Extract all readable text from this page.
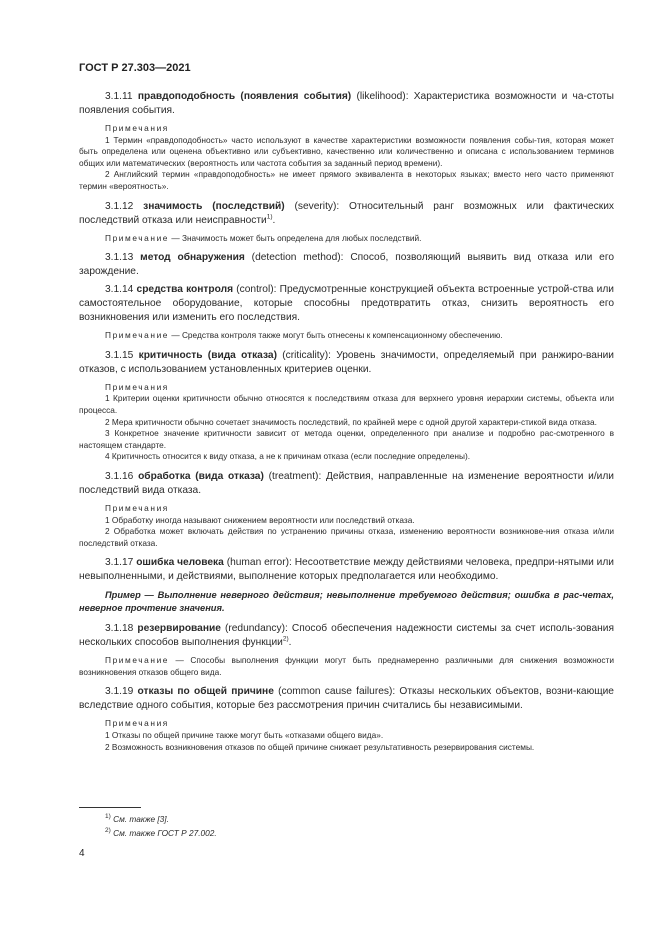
ГОСТ Р 27.303—2021

3.1.11 правдоподобность (появления события) (likelihood): Характеристика возможности и ча-стоты появления события.

Примечания

1 Термин «правдоподобность» часто используют в качестве характеристики возможности появления собы-тия, которая может быть определена или оценена объективно или субъективно, качественно или количественно и описана с использованием терминов общих или математических (вероятность или частота события за заданный период времени).

2 Английский термин «правдоподобность» не имеет прямого эквивалента в некоторых языках; вместо него часто применяют термин «вероятность».

3.1.12 значимость (последствий) (severity): Относительный ранг возможных или фактических последствий отказа или неисправности$^{1)}$.

Примечание — Значимость может быть определена для любых последствий.

3.1.13 метод обнаружения (detection method): Способ, позволяющий выявить вид отказа или его зарождение.

3.1.14 средства контроля (control): Предусмотренные конструкцией объекта встроенные устрой-ства или самостоятельное оборудование, которые способны предотвратить отказ, снизить вероятность его возникновения или изменить его последствия.

Примечание — Средства контроля также могут быть отнесены к компенсационному обеспечению.

3.1.15 критичность (вида отказа) (criticality): Уровень значимости, определяемый при ранжиро-вании отказов, с использованием установленных критериев оценки.

Примечания

1 Критерии оценки критичности обычно относятся к последствиям отказа для верхнего уровня иерархии системы, объекта или процесса.

2 Мера критичности обычно сочетает значимость последствий, по крайней мере с одной другой характери-стикой вида отказа.

3 Конкретное значение критичности зависит от метода оценки, определенного при анализе и подробно рас-смотренного в настоящем стандарте.

4 Критичность относится к виду отказа, а не к причинам отказа (если последние определены).

3.1.16 обработка (вида отказа) (treatment): Действия, направленные на изменение вероятности и/или последствий вида отказа.

Примечания

1 Обработку иногда называют снижением вероятности или последствий отказа.

2 Обработка может включать действия по устранению причины отказа, изменению вероятности возникнове-ния отказа и/или последствий отказа.

3.1.17 ошибка человека (human error): Несоответствие между действиями человека, предпри-нятыми или невыполненными, и действиями, выполнение которых предполагается или необходимо.

Пример — Выполнение неверного действия; невыполнение требуемого действия; ошибка в рас-четах, неверное прочтение значения.

3.1.18 резервирование (redundancy): Способ обеспечения надежности системы за счет исполь-зования нескольких способов выполнения функции$^{2)}$.

Примечание — Способы выполнения функции могут быть преднамеренно различными для снижения возможности возникновения отказов общего вида.

3.1.19 отказы по общей причине (common cause failures): Отказы нескольких объектов, возни-кающие вследствие одного события, которые без рассмотрения причин считались бы независимыми.

Примечания

1 Отказы по общей причине также могут быть «отказами общего вида».

2 Возможность возникновения отказов по общей причине снижает результативность резервирования системы.

$^{1)}$ См. также [3].
$^{2)}$ См. также ГОСТ Р 27.002.
4
